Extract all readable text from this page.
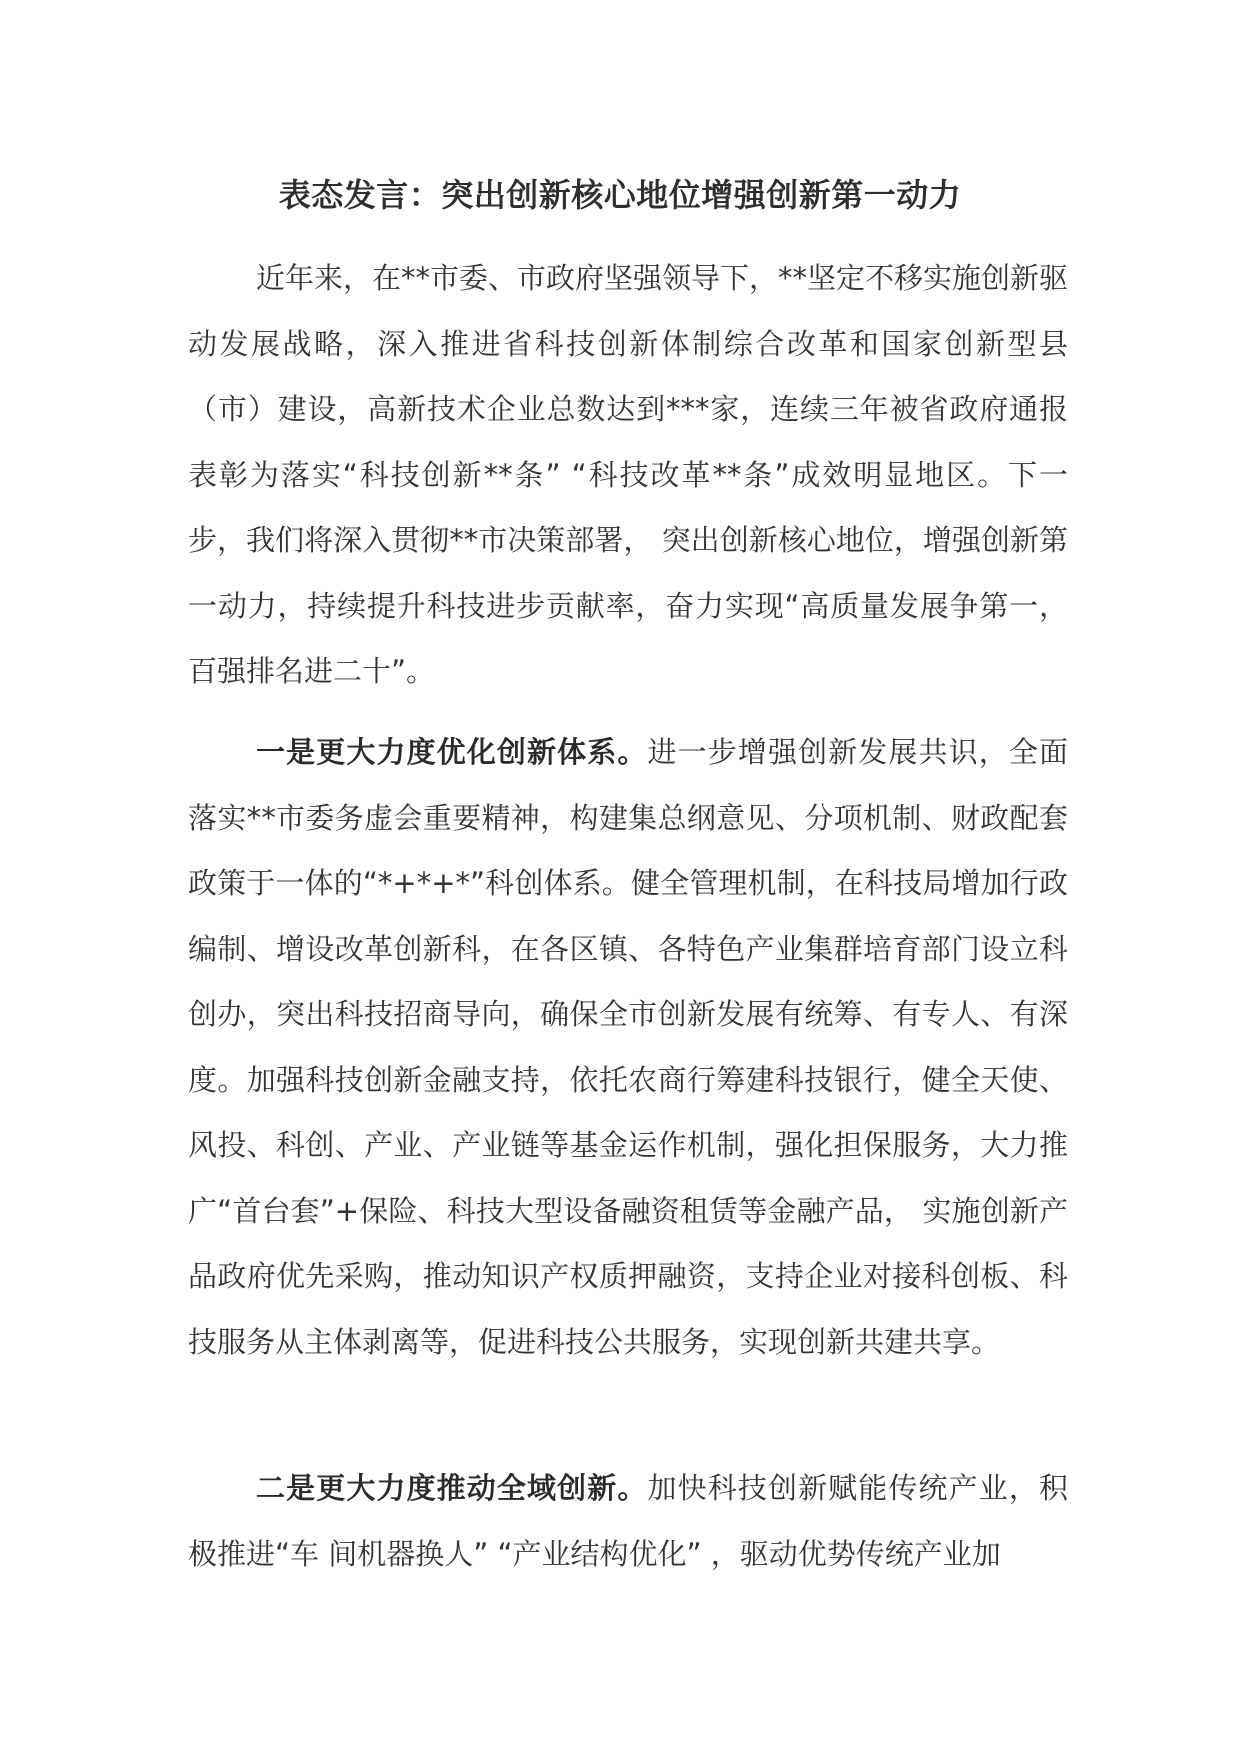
表态发言：突出创新核心地位增强创新第一动力

近年来，在**市委、市政府坚强领导下，**坚定不移实施创新驱动发展战略，深入推进省科技创新体制综合改革和国家创新型县（市）建设，高新技术企业总数达到***家，连续三年被省政府通报表彰为落实“科技创新**条” “科技改革**条”成效明显地区。下一步，我们将深入贯彻**市决策部署， 突出创新核心地位，增强创新第一动力，持续提升科技进步贡献率，奋力实现“高质量发展争第一，百强排名进二十”。

一是更大力度优化创新体系。进一步增强创新发展共识，全面落实**市委务虚会重要精神，构建集总纲意见、分项机制、财政配套政策于一体的“*+*+*”科创体系。健全管理机制，在科技局增加行政编制、增设改革创新科，在各区镇、各特色产业集群培育部门设立科创办，突出科技招商导向，确保全市创新发展有统筹、有专人、有深度。加强科技创新金融支持，依托农商行筹建科技银行，健全天使、风投、科创、产业、产业链等基金运作机制，强化担保服务，大力推广“首台套”+保险、科技大型设备融资租赁等金融产品， 实施创新产品政府优先采购，推动知识产权质押融资，支持企业对接科创板、科技服务从主体剥离等，促进科技公共服务，实现创新共建共享。

二是更大力度推动全域创新。加快科技创新赋能传统产业，积极推进“车 间机器换人” “产业结构优化” ，驱动优势传统产业加
